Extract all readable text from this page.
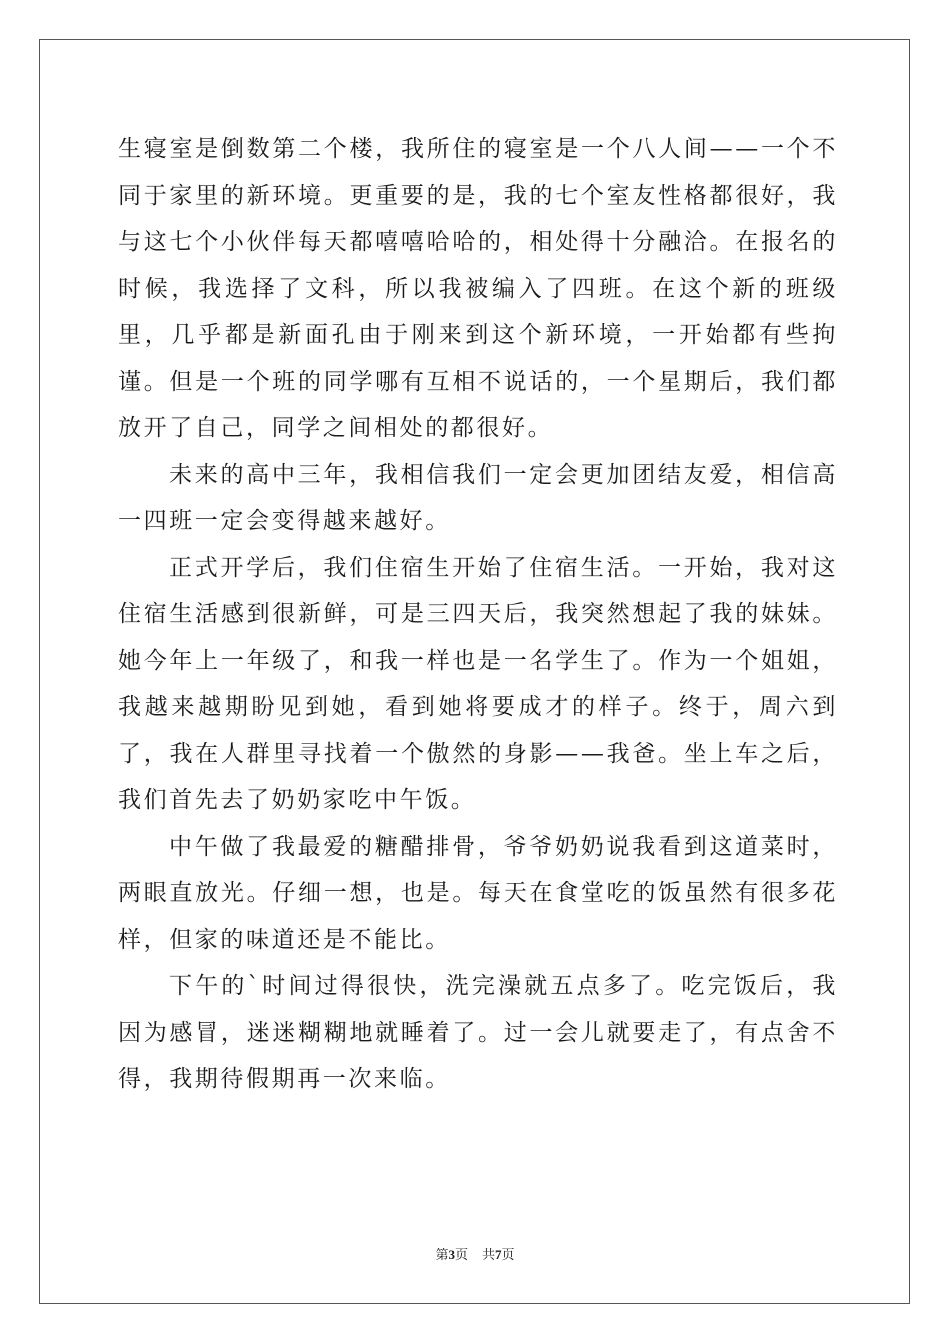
生寝室是倒数第二个楼，我所住的寝室是一个八人间——一个不同于家里的新环境。更重要的是，我的七个室友性格都很好，我与这七个小伙伴每天都嘻嘻哈哈的，相处得十分融洽。在报名的时候，我选择了文科，所以我被编入了四班。在这个新的班级里，几乎都是新面孔由于刚来到这个新环境，一开始都有些拘谨。但是一个班的同学哪有互相不说话的，一个星期后，我们都放开了自己，同学之间相处的都很好。

未来的高中三年，我相信我们一定会更加团结友爱，相信高一四班一定会变得越来越好。

正式开学后，我们住宿生开始了住宿生活。一开始，我对这住宿生活感到很新鲜，可是三四天后，我突然想起了我的妹妹。她今年上一年级了，和我一样也是一名学生了。作为一个姐姐，我越来越期盼见到她，看到她将要成才的样子。终于，周六到了，我在人群里寻找着一个傲然的身影——我爸。坐上车之后，我们首先去了奶奶家吃中午饭。

中午做了我最爱的糖醋排骨，爷爷奶奶说我看到这道菜时，两眼直放光。仔细一想，也是。每天在食堂吃的饭虽然有很多花样，但家的味道还是不能比。

下午的`时间过得很快，洗完澡就五点多了。吃完饭后，我因为感冒，迷迷糊糊地就睡着了。过一会儿就要走了，有点舍不得，我期待假期再一次来临。

第3页 共7页
